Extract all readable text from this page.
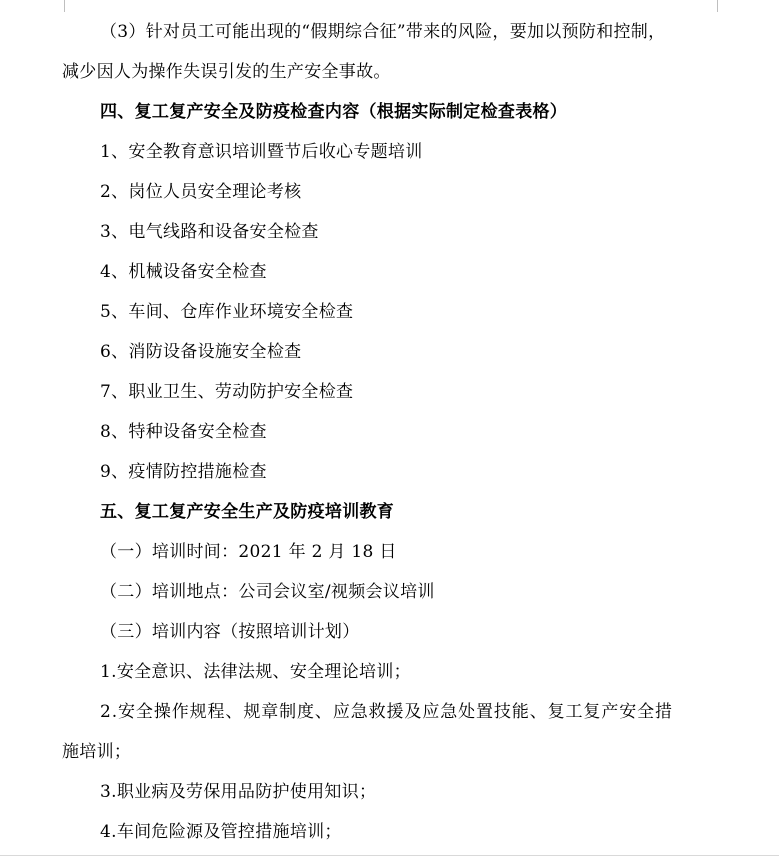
（3）针对员工可能出现的“假期综合征”带来的风险，要加以预防和控制，
减少因人为操作失误引发的生产安全事故。
四、复工复产安全及防疫检查内容（根据实际制定检查表格）
1、安全教育意识培训暨节后收心专题培训
2、岗位人员安全理论考核
3、电气线路和设备安全检查
4、机械设备安全检查
5、车间、仓库作业环境安全检查
6、消防设备设施安全检查
7、职业卫生、劳动防护安全检查
8、特种设备安全检查
9、疫情防控措施检查
五、复工复产安全生产及防疫培训教育
（一）培训时间：2021 年 2 月 18 日
（二）培训地点：公司会议室/视频会议培训
（三）培训内容（按照培训计划）
1.安全意识、法律法规、安全理论培训；
2.安全操作规程、规章制度、应急救援及应急处置技能、复工复产安全措
施培训；
3.职业病及劳保用品防护使用知识；
4.车间危险源及管控措施培训；
